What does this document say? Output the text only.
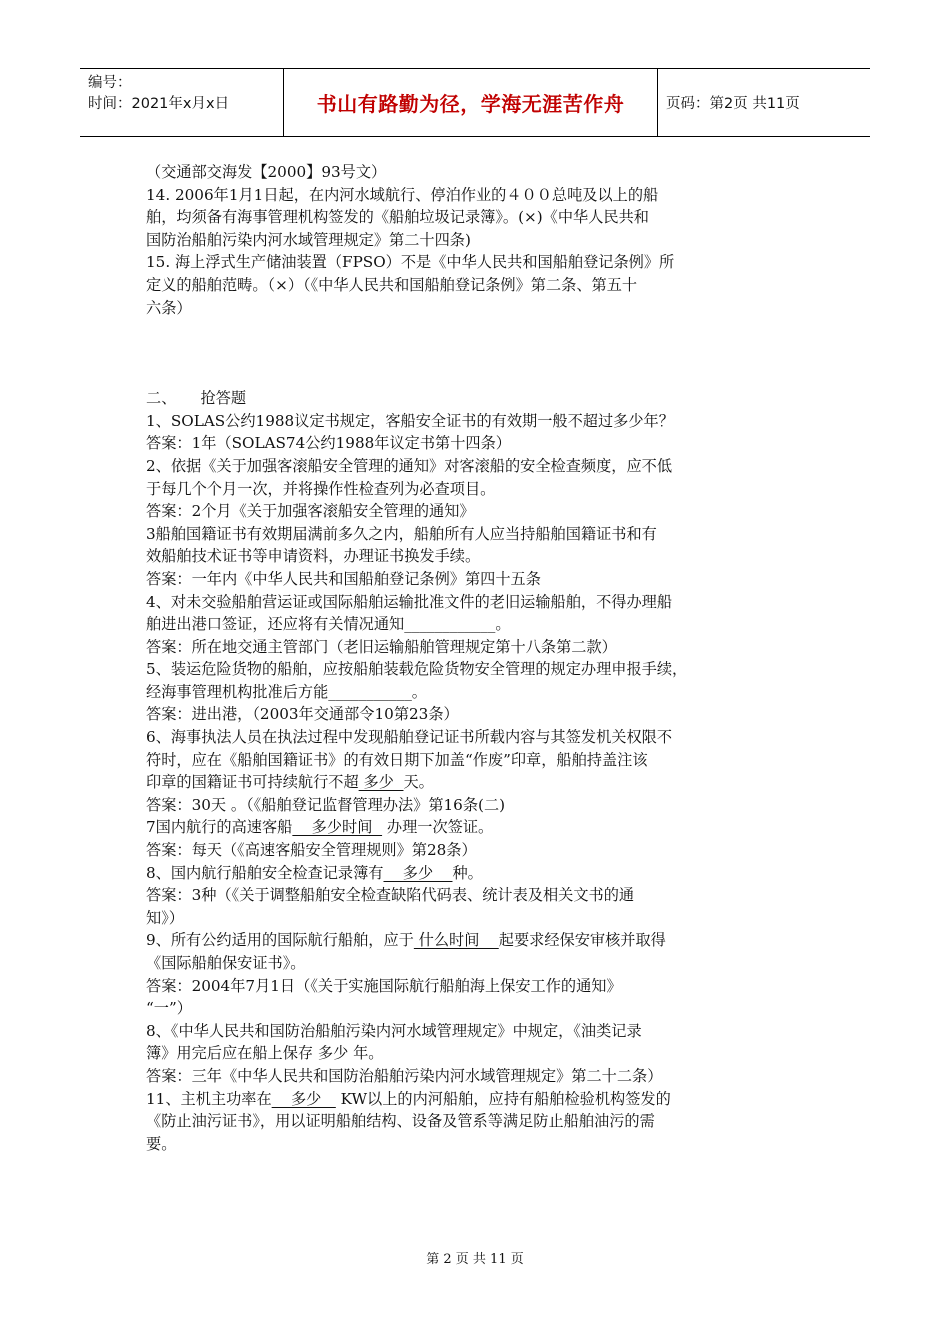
编号：
时间：2021年x月x日	书山有路勤为径，学海无涯苦作舟	页码：第2页 共11页
（交通部交海发【2000】93号文）
14. 2006年1月1日起，在内河水域航行、停泊作业的４００总吨及以上的船
舶，均须备有海事管理机构签发的《船舶垃圾记录簿》。(×)《中华人民共和
国防治船舶污染内河水域管理规定》第二十四条)
15. 海上浮式生产储油装置（FPSO）不是《中华人民共和国船舶登记条例》所
定义的船舶范畴。（×）（《中华人民共和国船舶登记条例》第二条、第五十
六条）
二、     抢答题
1、SOLAS公约1988议定书规定，客船安全证书的有效期一般不超过多少年？
答案：1年（SOLAS74公约1988年议定书第十四条）
2、依据《关于加强客滚船安全管理的通知》对客滚船的安全检查频度，应不低
于每几个个月一次，并将操作性检查列为必查项目。
答案：2个月《关于加强客滚船安全管理的通知》
3船舶国籍证书有效期届满前多久之内，船舶所有人应当持船舶国籍证书和有
效船舶技术证书等申请资料，办理证书换发手续。
答案：一年内《中华人民共和国船舶登记条例》第四十五条
4、对未交验船舶营运证或国际船舶运输批准文件的老旧运输船舶，不得办理船
舶进出港口签证，还应将有关情况通知____________。
答案：所在地交通主管部门（老旧运输船舶管理规定第十八条第二款）
5、装运危险货物的船舶，应按船舶装载危险货物安全管理的规定办理申报手续，
经海事管理机构批准后方能___________。
答案：进出港，（2003年交通部令10第23条）
6、海事执法人员在执法过程中发现船舶登记证书所载内容与其签发机关权限不
符时，应在《船舶国籍证书》的有效日期下加盖“作废”印章，船舶持盖注该
印章的国籍证书可持续航行不超 多少  天。
答案：30天 。（《船舶登记监督管理办法》第16条(二)
7国内航行的高速客船    多少时间   办理一次签证。
答案：每天（《高速客船安全管理规则》第28条）
8、国内航行船舶安全检查记录簿有    多少    种。
答案：3种（《关于调整船舶安全检查缺陷代码表、统计表及相关文书的通
知》）
9、所有公约适用的国际航行船舶，应于 什么时间    起要求经保安审核并取得
《国际船舶保安证书》。
答案：2004年7月1日（《关于实施国际航行船舶海上保安工作的通知》
“一”）
8、《中华人民共和国防治船舶污染内河水域管理规定》中规定，《油类记录
簿》用完后应在船上保存 多少 年。
答案：三年《中华人民共和国防治船舶污染内河水域管理规定》第二十二条）
11、主机主功率在    多少    KW以上的内河船舶，应持有船舶检验机构签发的
《防止油污证书》，用以证明船舶结构、设备及管系等满足防止船舶油污的需
要。
第 2 页 共 11 页
